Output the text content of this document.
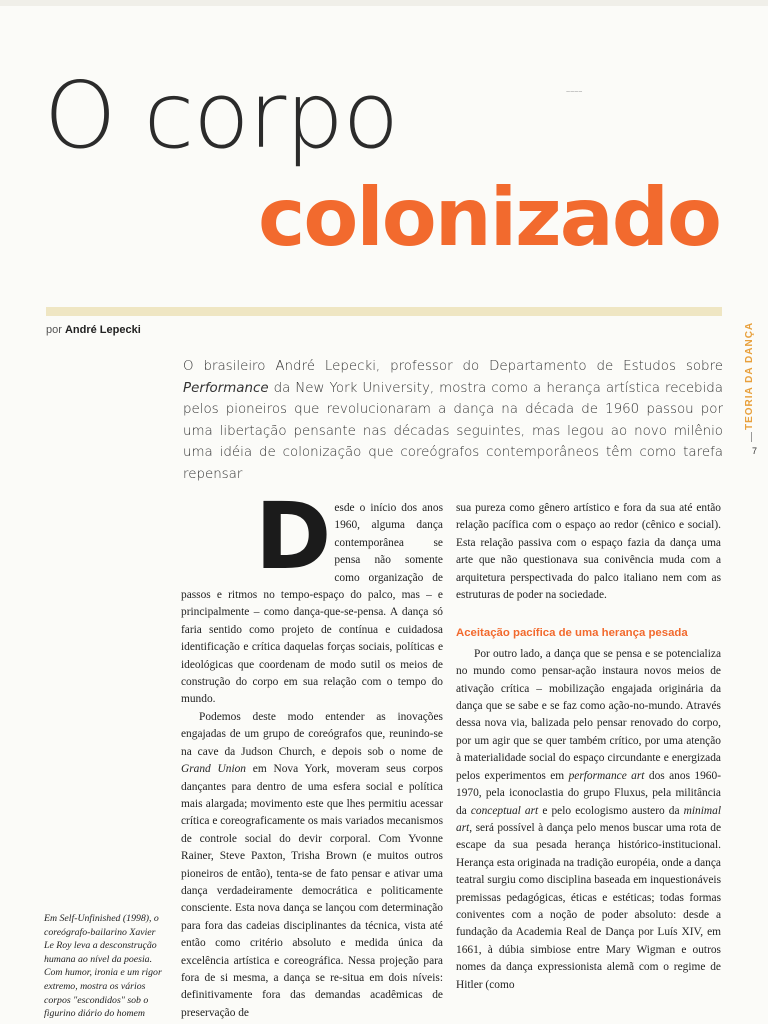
~~~~
O corpo
colonizado
por André Lepecki	TEORIA DA DANÇA
7
O brasileiro André Lepecki, professor do Departamento de Estudos sobre Performance da New York University, mostra como a herança artística recebida pelos pioneiros que revolucionaram a dança na década de 1960 passou por uma libertação pensante nas décadas seguintes, mas legou ao novo milênio uma idéia de colonização que coreógrafos contemporâneos têm como tarefa repensar

Desde o início dos anos 1960, alguma dança contemporânea se pensa não somente como organização de passos e ritmos no tempo-espaço do palco, mas – e principalmente – como dança-que-se-pensa. A dança só faria sentido como projeto de contínua e cuidadosa identificação e crítica daquelas forças sociais, políticas e ideológicas que coordenam de modo sutil os meios de construção do corpo em sua relação com o tempo do mundo.

Podemos deste modo entender as inovações engajadas de um grupo de coreógrafos que, reunindo-se na cave da Judson Church, e depois sob o nome de Grand Union em Nova York, moveram seus corpos dançantes para dentro de uma esfera social e política mais alargada; movimento este que lhes permitiu acessar crítica e coreograficamente os mais variados mecanismos de controle social do devir corporal. Com Yvonne Rainer, Steve Paxton, Trisha Brown (e muitos outros pioneiros de então), tenta-se de fato pensar e ativar uma dança verdadeiramente democrática e politicamente consciente. Esta nova dança se lançou com determinação para fora das cadeias disciplinantes da técnica, vista até então como critério absoluto e medida única da excelência artística e coreográfica. Nessa projeção para fora de si mesma, a dança se re-situa em dois níveis: definitivamente fora das demandas acadêmicas de preservação de

sua pureza como gênero artístico e fora da sua até então relação pacífica com o espaço ao redor (cênico e social). Esta relação passiva com o espaço fazia da dança uma arte que não questionava sua conivência muda com a arquitetura perspectivada do palco italiano nem com as estruturas de poder na sociedade.

Aceitação pacífica de uma herança pesada

Por outro lado, a dança que se pensa e se potencializa no mundo como pensar-ação instaura novos meios de ativação crítica – mobilização engajada originária da dança que se sabe e se faz como ação-no-mundo. Através dessa nova via, balizada pelo pensar renovado do corpo, por um agir que se quer também crítico, por uma atenção à materialidade social do espaço circundante e energizada pelos experimentos em performance art dos anos 1960-1970, pela iconoclastia do grupo Fluxus, pela militância da conceptual art e pelo ecologismo austero da minimal art, será possível à dança pelo menos buscar uma rota de escape da sua pesada herança histórico-institucional. Herança esta originada na tradição européia, onde a dança teatral surgiu como disciplina baseada em inquestionáveis premissas pedagógicas, éticas e estéticas; todas formas coniventes com a noção de poder absoluto: desde a fundação da Academia Real de Dança por Luís XIV, em 1661, à dúbia simbiose entre Mary Wigman e outros nomes da dança expressionista alemã com o regime de Hitler (como

Em Self-Unfinished (1998), o coreógrafo-bailarino Xavier Le Roy leva a desconstrução humana ao nível da poesia. Com humor, ironia e um rigor extremo, mostra os vários corpos "escondidos" sob o figurino diário do homem
